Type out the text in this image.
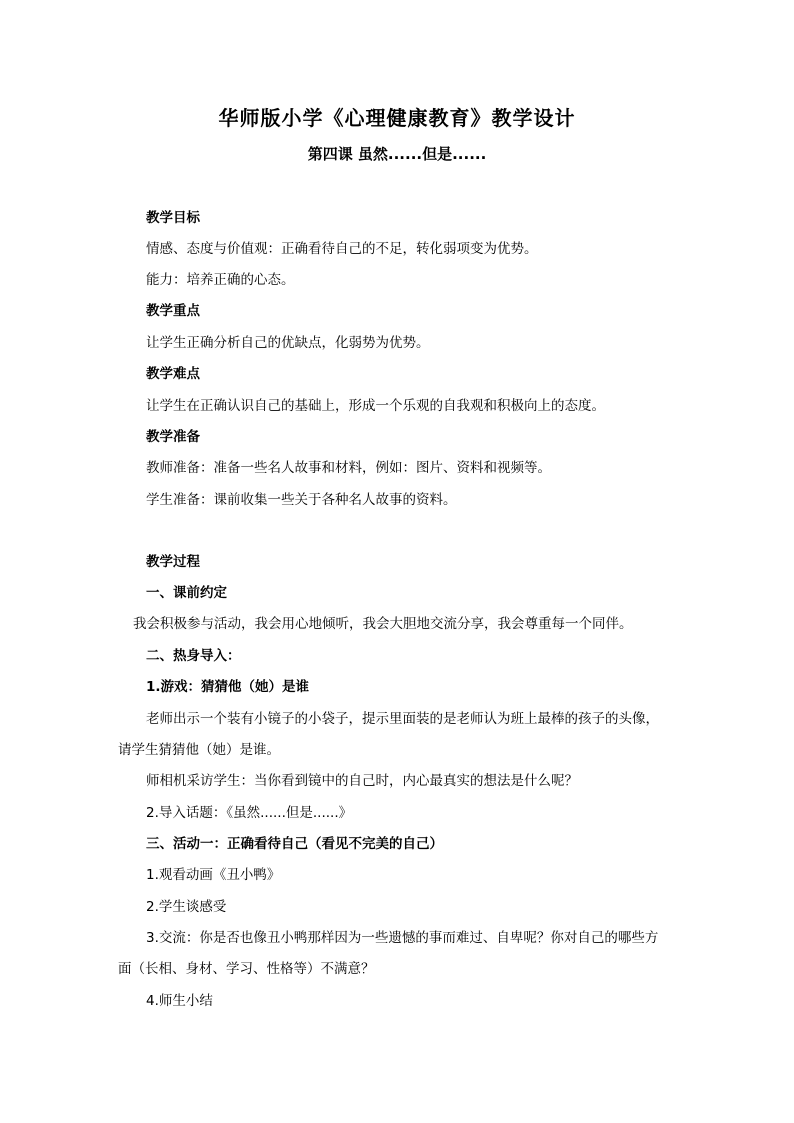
华师版小学《心理健康教育》教学设计
第四课 虽然......但是......
教学目标
情感、态度与价值观：正确看待自己的不足，转化弱项变为优势。
能力：培养正确的心态。
教学重点
让学生正确分析自己的优缺点，化弱势为优势。
教学难点
让学生在正确认识自己的基础上，形成一个乐观的自我观和积极向上的态度。
教学准备
教师准备：准备一些名人故事和材料，例如：图片、资料和视频等。
学生准备：课前收集一些关于各种名人故事的资料。
教学过程
一、课前约定
我会积极参与活动，我会用心地倾听，我会大胆地交流分享，我会尊重每一个同伴。
二、热身导入：
1.游戏：猜猜他（她）是谁
老师出示一个装有小镜子的小袋子，提示里面装的是老师认为班上最棒的孩子的头像，
请学生猜猜他（她）是谁。
师相机采访学生：当你看到镜中的自己时，内心最真实的想法是什么呢？
2.导入话题：《虽然......但是......》
三、活动一：正确看待自己（看见不完美的自己）
1.观看动画《丑小鸭》
2.学生谈感受
3.交流：你是否也像丑小鸭那样因为一些遗憾的事而难过、自卑呢？你对自己的哪些方
面（长相、身材、学习、性格等）不满意？
4.师生小结
